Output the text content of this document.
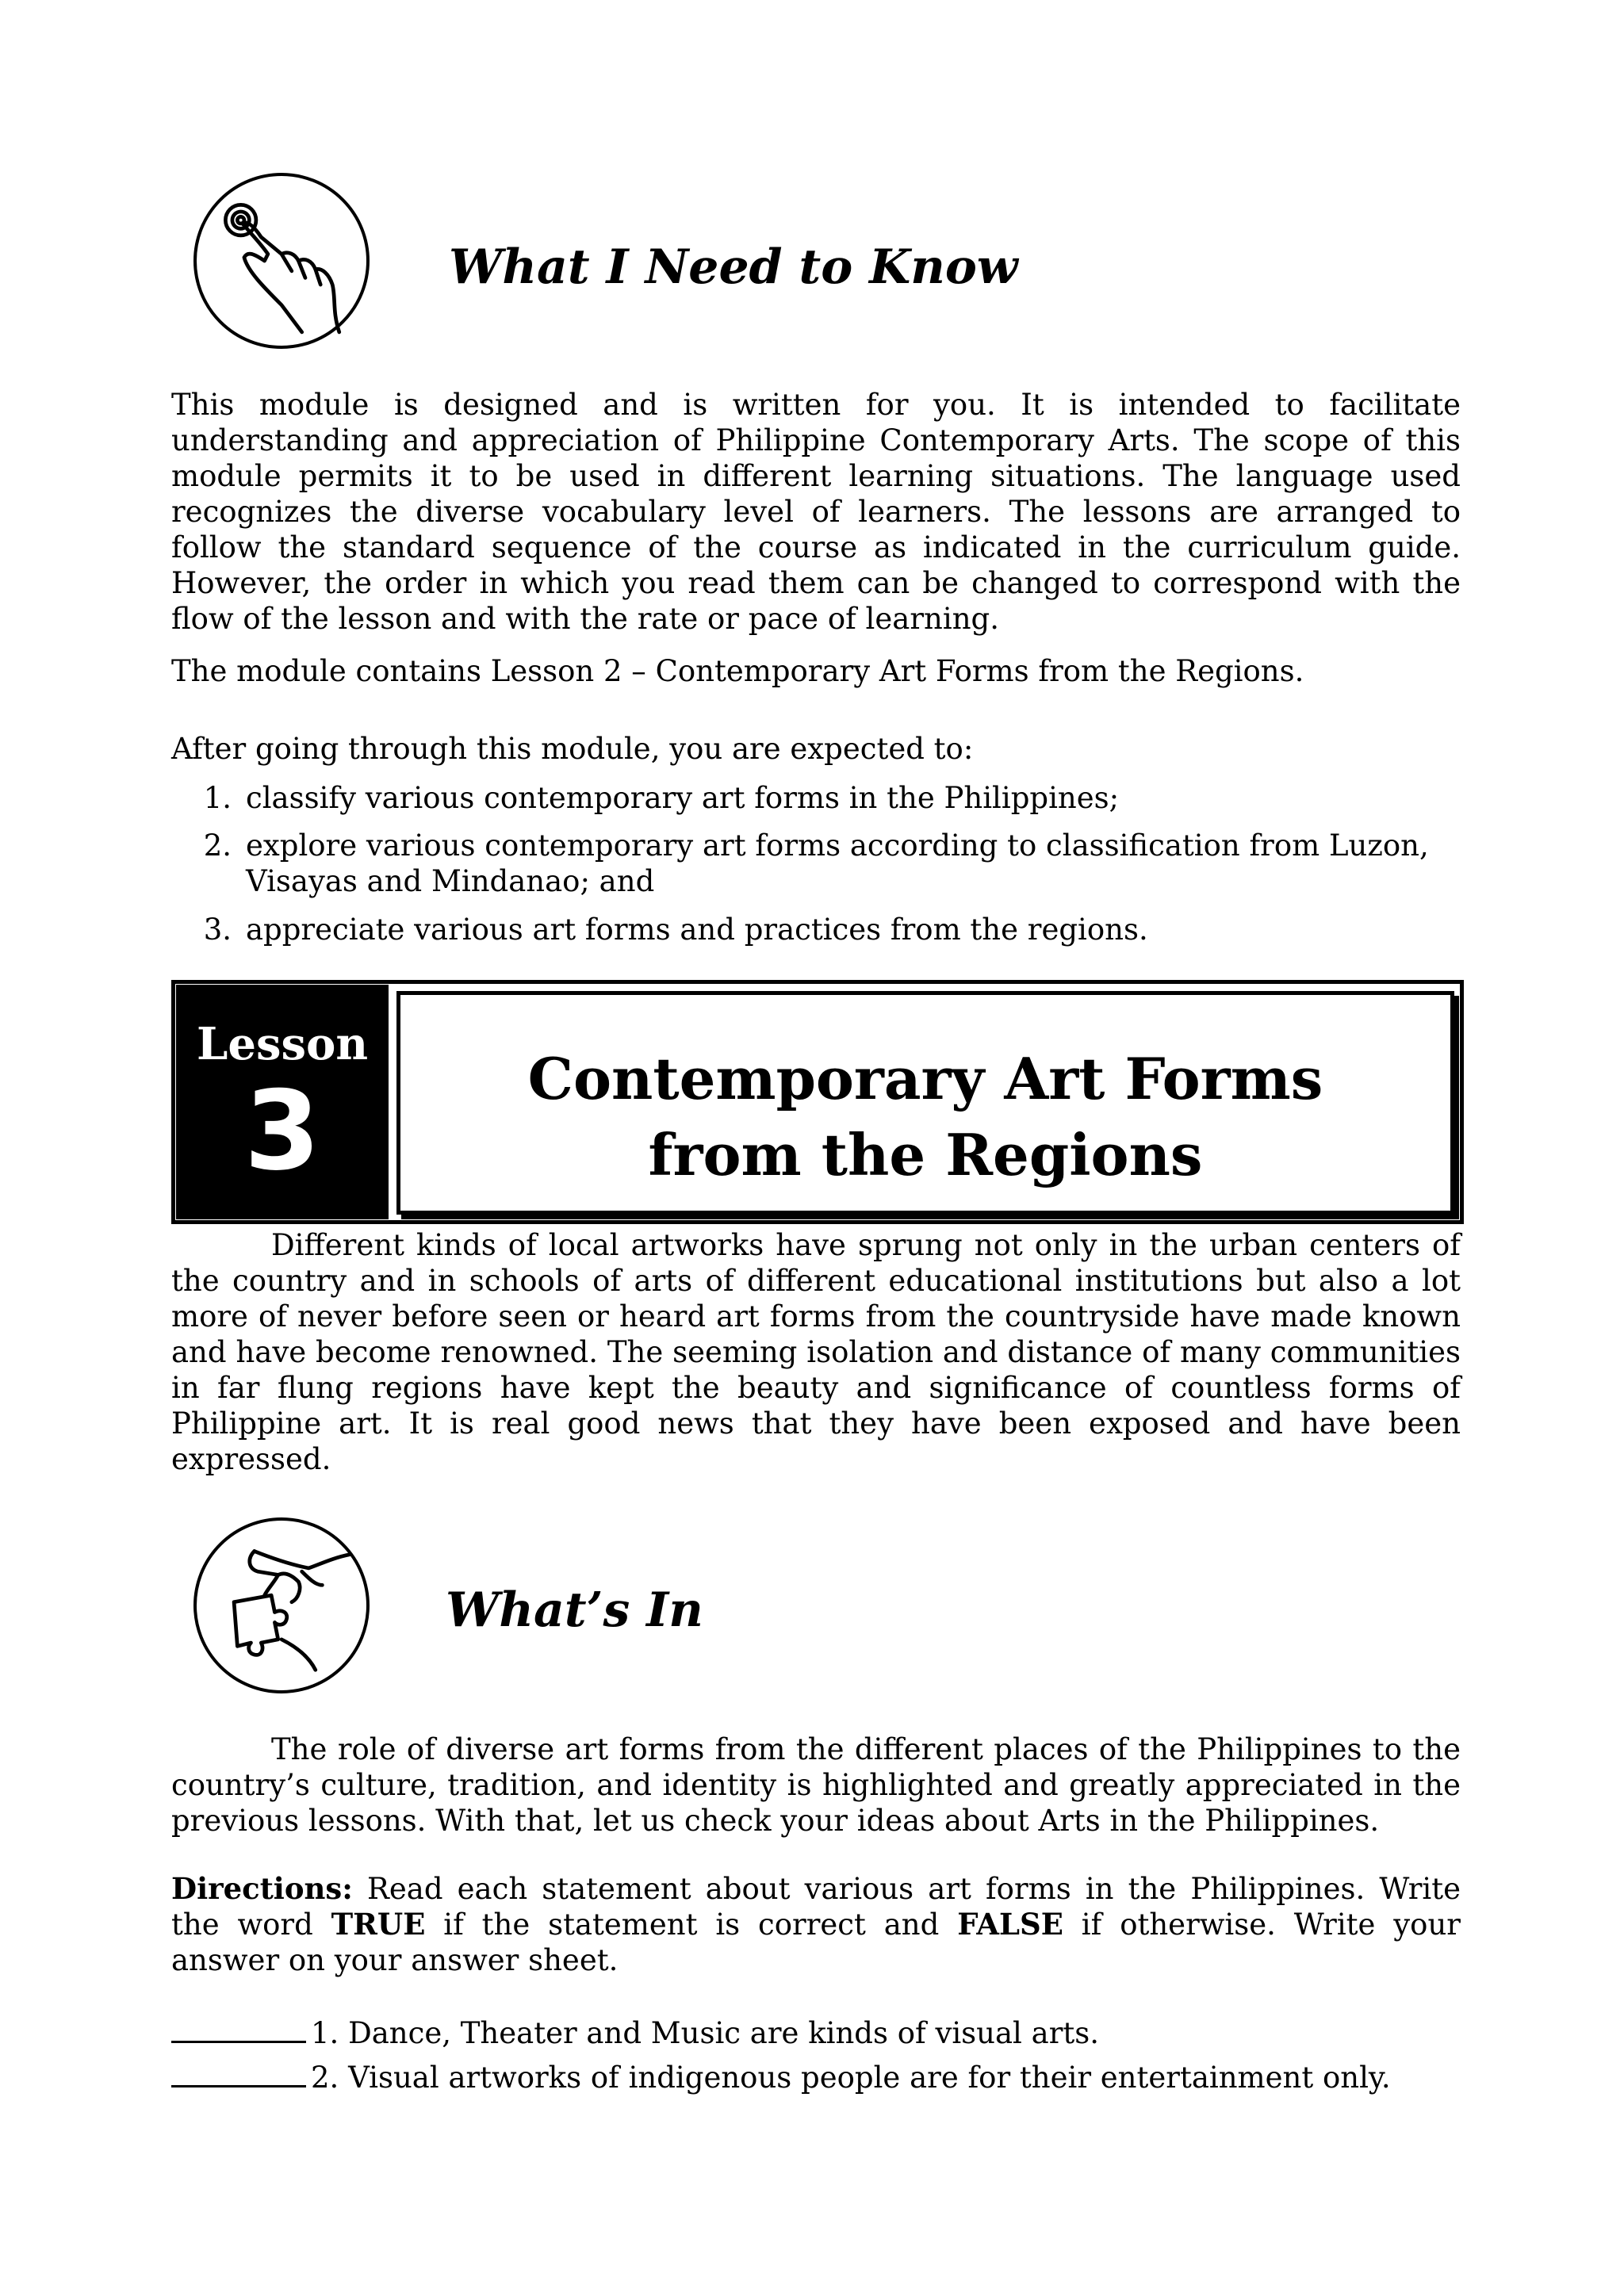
What I Need to Know

This module is designed and is written for you. It is intended to facilitate understanding and appreciation of Philippine Contemporary Arts. The scope of this module permits it to be used in different learning situations. The language used recognizes the diverse vocabulary level of learners. The lessons are arranged to follow the standard sequence of the course as indicated in the curriculum guide. However, the order in which you read them can be changed to correspond with the flow of the lesson and with the rate or pace of learning.

The module contains Lesson 2 – Contemporary Art Forms from the Regions.
After going through this module, you are expected to:
1. classify various contemporary art forms in the Philippines;
2. explore various contemporary art forms according to classification from Luzon, Visayas and Mindanao; and
3. appreciate various art forms and practices from the regions.
Lesson
3	Contemporary Art Forms
from the Regions

Different kinds of local artworks have sprung not only in the urban centers of the country and in schools of arts of different educational institutions but also a lot more of never before seen or heard art forms from the countryside have made known and have become renowned. The seeming isolation and distance of many communities in far flung regions have kept the beauty and significance of countless forms of Philippine art. It is real good news that they have been exposed and have been expressed.

What’s In

The role of diverse art forms from the different places of the Philippines to the country’s culture, tradition, and identity is highlighted and greatly appreciated in the previous lessons. With that, let us check your ideas about Arts in the Philippines.

Directions: Read each statement about various art forms in the Philippines. Write the word TRUE if the statement is correct and FALSE if otherwise. Write your answer on your answer sheet.

1. Dance, Theater and Music are kinds of visual arts.
2. Visual artworks of indigenous people are for their entertainment only.
